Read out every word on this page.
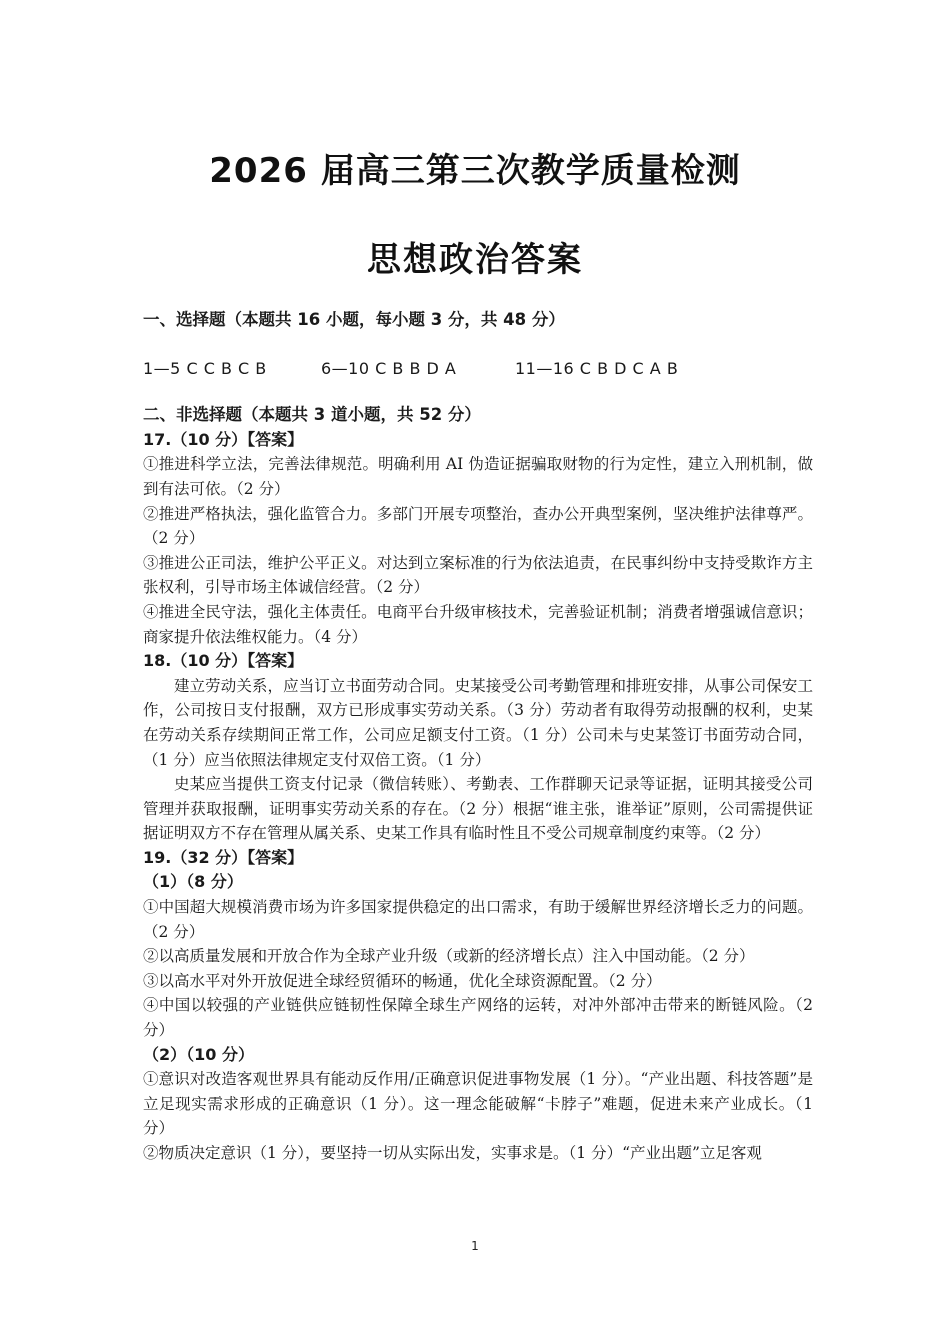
2026 届高三第三次教学质量检测
思想政治答案
一、选择题（本题共 16 小题，每小题 3 分，共 48 分）
1—5 C C B C B	6—10 C B B D A	11—16 C B D C A B
二、非选择题（本题共 3 道小题，共 52 分）
17.（10 分）【答案】

①推进科学立法，完善法律规范。明确利用 AI 伪造证据骗取财物的行为定性，建立入刑机制，做到有法可依。（2 分）

②推进严格执法，强化监管合力。多部门开展专项整治，查办公开典型案例，坚决维护法律尊严。（2 分）

③推进公正司法，维护公平正义。对达到立案标准的行为依法追责，在民事纠纷中支持受欺诈方主张权利，引导市场主体诚信经营。（2 分）

④推进全民守法，强化主体责任。电商平台升级审核技术，完善验证机制；消费者增强诚信意识；商家提升依法维权能力。（4 分）

18.（10 分）【答案】

建立劳动关系，应当订立书面劳动合同。史某接受公司考勤管理和排班安排，从事公司保安工作，公司按日支付报酬，双方已形成事实劳动关系。（3 分）劳动者有取得劳动报酬的权利，史某在劳动关系存续期间正常工作，公司应足额支付工资。（1 分）公司未与史某签订书面劳动合同，（1 分）应当依照法律规定支付双倍工资。（1 分）

史某应当提供工资支付记录（微信转账）、考勤表、工作群聊天记录等证据，证明其接受公司管理并获取报酬，证明事实劳动关系的存在。（2 分）根据“谁主张，谁举证”原则，公司需提供证据证明双方不存在管理从属关系、史某工作具有临时性且不受公司规章制度约束等。（2 分）

19.（32 分）【答案】
（1）（8 分）

①中国超大规模消费市场为许多国家提供稳定的出口需求，有助于缓解世界经济增长乏力的问题。（2 分）

②以高质量发展和开放合作为全球产业升级（或新的经济增长点）注入中国动能。（2 分）

③以高水平对外开放促进全球经贸循环的畅通，优化全球资源配置。（2 分）

④中国以较强的产业链供应链韧性保障全球生产网络的运转，对冲外部冲击带来的断链风险。（2 分）

（2）（10 分）

①意识对改造客观世界具有能动反作用/正确意识促进事物发展（1 分）。“产业出题、科技答题”是立足现实需求形成的正确意识（1 分）。这一理念能破解“卡脖子”难题，促进未来产业成长。（1 分）

②物质决定意识（1 分），要坚持一切从实际出发，实事求是。（1 分）“产业出题”立足客观

1
